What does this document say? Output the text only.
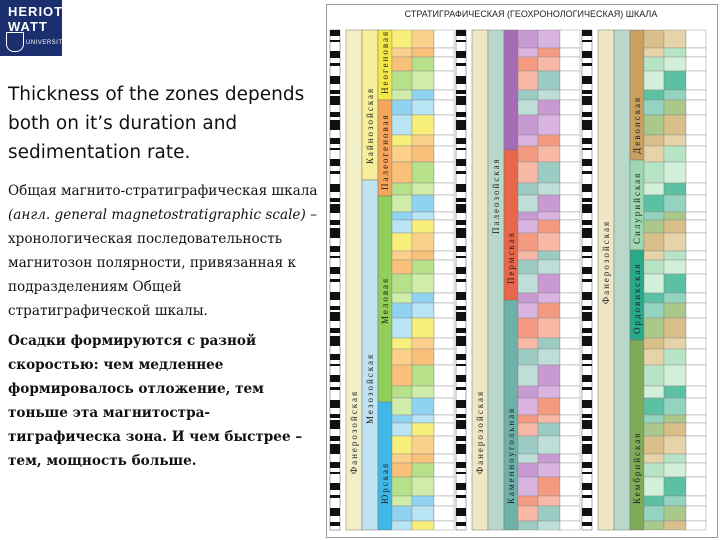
HERIOT
WATT
UNIVERSITY

Thickness of the zones depends both on it’s duration and sedimentation rate.

Общая магнито-стратиграфическая шкала (англ. general magnetostratigraphic scale) – хронологическая последовательность магнитозон полярности, привязанная к подразделениям Общей стратиграфической шкалы.

Осадки формируются с разной скоростью: чем медленнее формировалось отложение, тем тоньше эта магнитостра-тиграфическа зона. И чем быстрее – тем, мощность больше.

СТРАТИГРАФИЧЕСКАЯ (ГЕОХРОНОЛОГИЧЕСКАЯ) ШКАЛА
Фанерозойская
Кайнозойская
Мезозойская
Неогеновая
Палеогеновая
Меловая
Юрская
Фанерозойская
Палеозойская
Каменноугольная
Пермская	Фанерозойская
Девонская
Силурийская
Ордовикская
Кембрийская
